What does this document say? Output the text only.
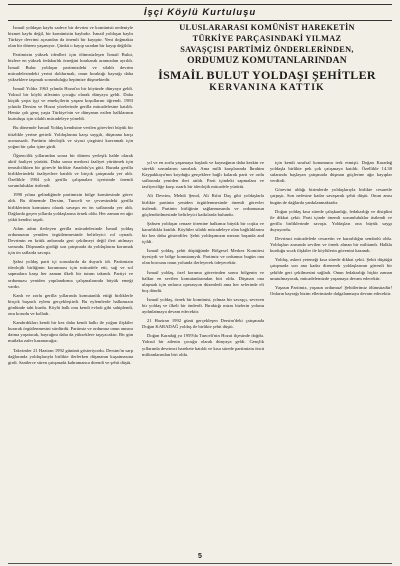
İşçi Köylü Kurtuluşu

İsmail yoldaşın kaybı sadece bir devrim ve komünisti nedeniyle hizmet kaybı değil, bir komünistin kaybıdır. İsmail yoldaşın kaybı Türkiye devrimi açısından da önemli bir kayıptır. Yeni doğmakta olan bir dönem yaşanıyor. Çünkü o kayıp sıradan bir kayıp değildir.

Partimizin yüksek idealleri için ölümsüzleşen İsmail Bulut, bizlere en yüksek fedakarlık örneğini bırakarak aramızdan ayrıldı. İsmail Bulut yoldaşın partimizdeki ve silahlı devrim mücadelesindeki yerini doldurmak, onun bıraktığı bayrağı daha yükseklere taşımak sorumluluğu hepimize düşmektedir.

İsmail Yıldız 1963 yılında Hozat'ın bir köyünde dünyaya geldi. Yoksul bir köylü ailesinin çocuğu olarak dünyaya geldi. Daha küçük yaşta işçi ve emekçilerin yaşam koşullarını öğrendi. 1983 yılında Dersim ve Hozat yörelerinde gerilla mücadelesine katıldı. Henüz çok genç yaşta Türkiye'nin ve dünyanın ezilen halklarının kurtuluşu için silahlı mücadeleye yöneldi.

Bu dönemde İsmail Yoldaş kendisine verilen görevleri büyük bir titizlikle yerine getirdi. Yoldaşlarına karşı saygılı, düşmana karşı acımasızdı. Partinin ideolojik ve siyasi çizgisini kavramak için yoğun bir çaba içine girdi.

Öğrencilik yıllarından sonra bir dönem yerleşik halde olarak aktif faaliyet yürüttü. Daha sonra merkezi faaliyet yürütmek için temsilcilikten bir görevle birlikte Anadolu'ya gitti. Burada gerilla birliklerindeki faaliyetlere katıldı ve birçok çatışmada yer aldı. Özellikle 1984 yılı gerilla çalışmaları içerisinde önemli sorumluluklar üstlendi.

1990 yılına gelindiğinde partimizin bölge komitesinde görev aldı. Bu dönemde Dersim, Tunceli ve çevresindeki gerilla birliklerinin komutanı olarak savaşın en ön saflarında yer aldı. Dağlarda geçen yıllarda yoldaşlarına örnek oldu. Her zaman en ağır yükü kendisi taşıdı.

Adım adım ilerleyen gerilla mücadelesinde İsmail yoldaş ordumuzun yeniden örgütlenmesinde belirleyici rol oynadı. Devrimin en kritik anlarında geri çekilmeyi değil ileri atılmayı savundu. Düşmanla girdiği son çatışmada da yoldaşlarını korumak için ön saflarda savaştı.

Şahsi yoldaş parti içi sorunlarda da duyarlı idi. Partimizin ideolojik birliğinin korunması için mücadele etti, sağ ve sol sapmalara karşı her zaman ilkeli bir tutum takındı. Partiyi ve ordumuzu yeniden yapılandırma çalışmalarında büyük emeği vardır.

Kanlı ve zorlu gerilla yıllarında komutanlık ettiği birliklerle birçok başarılı eylem gerçekleştirdi. Bu eylemlerde halkımızın gönlünde taht kurdu. Köylü halk onu kendi evladı gibi sahiplendi, onu korudu ve kolladı.

Kandırdıkları kendi bir kez daha kendi halkı ile yoğun ilişkiler kurarak örgütlenmesini sürdürdü. Partimiz ve ordumuz onun anısını daima yaşatacak, bayrağını daha da yükseklere taşıyacaktır. Bir gün mutlaka zafer kazanacağız.

Takvimler 21 Haziran 1992 gününü gösteriyordu. Dersim'in sarp dağlarında yoldaşlarıyla birlikte ilerlerken düşmanın kuşatmasına girdi. Saatlerce süren çatışmada kahramanca direndi ve şehit düştü.

ULUSLARARASI KOMÜNİST HAREKETİN
TÜRKİYE PARÇASINDAKİ YILMAZ
SAVAŞÇISI PARTİMİZ ÖNDERLERİNDEN,
ORDUMUZ KOMUTANLARINDAN
İSMAİL BULUT YOLDAŞI ŞEHİTLER
KERVANINA KATTIK

yıl ve en zorlu yaşamaya başladı ve kaynağının daha keskin ve sürekli sorunlarını sınırladı. Ama milli karşılarında İbrahim Kaypakkaya'nın koyduğu gerçeklere bağlı kalarak parti ve ordu saflarında yeniden ileri atıldı. Parti içindeki sapmalara ve tasfiyeciliğe karşı ısrarlı bir ideolojik mücadele yürüttü.

Ali Devrim, Mehdi Şenol, Ali Rıfat Daş gibi yoldaşlarla birlikte partinin yeniden örgütlenmesinde önemli görevler üstlendi. Partinin birliğinin sağlanmasında ve ordumuzun güçlendirilmesinde belirleyici katkılarda bulundu.

Şahsen yoldaşın cenaze törenine halkımız büyük bir coşku ve kararlılıkla katıldı. Köylüler silahlı mücadeleye olan bağlılıklarını bir kez daha gösterdiler. Şehit yoldaşımızın mezarı başında and içildi.

İsmail yoldaş, şehit düştüğünde Bölgesel Merkez Komitesi üyesiydi ve bölge komutanıydı. Partimiz ve ordumuz bugün ona olan borcunu onun yolunda ilerleyerek ödeyecektir.

İsmail yoldaş, özel koruma görevinden sonra bölgenin ve halkın en sevilen komutanlarından biri oldu. Düşman ona ulaşmak için onlarca operasyon düzenledi ama her seferinde eli boş döndü.

İsmail yoldaş, örnek bir komünist, yılmaz bir savaşçı, sevecen bir yoldaş ve ilkeli bir önderdi. Bıraktığı miras bizlerin yolunu aydınlatmaya devam edecektir.

21 Haziran 1992 günü gerçekleşen Dersim'deki çatışmada Doğan KARADAĞ yoldaş ile birlikte şehit düştü.

Doğan Karadağ ya 1959'da Tunceli'nin Hozat ilçesinde doğdu. Yoksul bir ailenin çocuğu olarak dünyaya geldi. Gençlik yıllarında devrimci harekete katıldı ve kısa sürede partimizin öncü militanlarından biri oldu.

için kendi sınıfsal konumunu terk etmişti. Doğan Karadağ yoldaşla birlikte pek çok çatışmaya katıldı. Özellikle 14.30 sularında başlayan çatışmada düşman güçlerine ağır kayıplar verdirdi.

Görevini aldığı birimlerde yoldaşlarıyla birlikte cesaretle çarpıştı. Son nefesine kadar savaşarak şehit düştü. Onun anısı bugün de dağlarda yankılanmaktadır.

Doğan yoldaş kısa sürede çalışkanlığı, fedakarlığı ve disiplini ile dikkat çekti. Parti içinde önemli sorumluluklar üstlendi ve gerilla birliklerinde savaştı. Yoldaşları ona büyük saygı duyuyordu.

Devrimci mücadelede cesaretin ve kararlılığın sembolü oldu. Yoldaşları arasında sevilen ve örnek alınan bir militandı. Halkla kurduğu sıcak ilişkiler ile köylülerin güvenini kazandı.

Yoldaş, askeri yeteneği kısa sürede dikkat çekti. Şehit düştüğü çatışmada son ana kadar direnerek yoldaşlarının güvenli bir şekilde geri çekilmesini sağladı. Onun fedakarlığı hiçbir zaman unutulmayacak, mücadelemizde yaşamaya devam edecektir.

Yaşasın Partimiz, yaşasın ordumuz! Şehitlerimiz ölümsüzdür! Onların bayrağı bizim ellerimizde dalgalanmaya devam edecektir.

5
